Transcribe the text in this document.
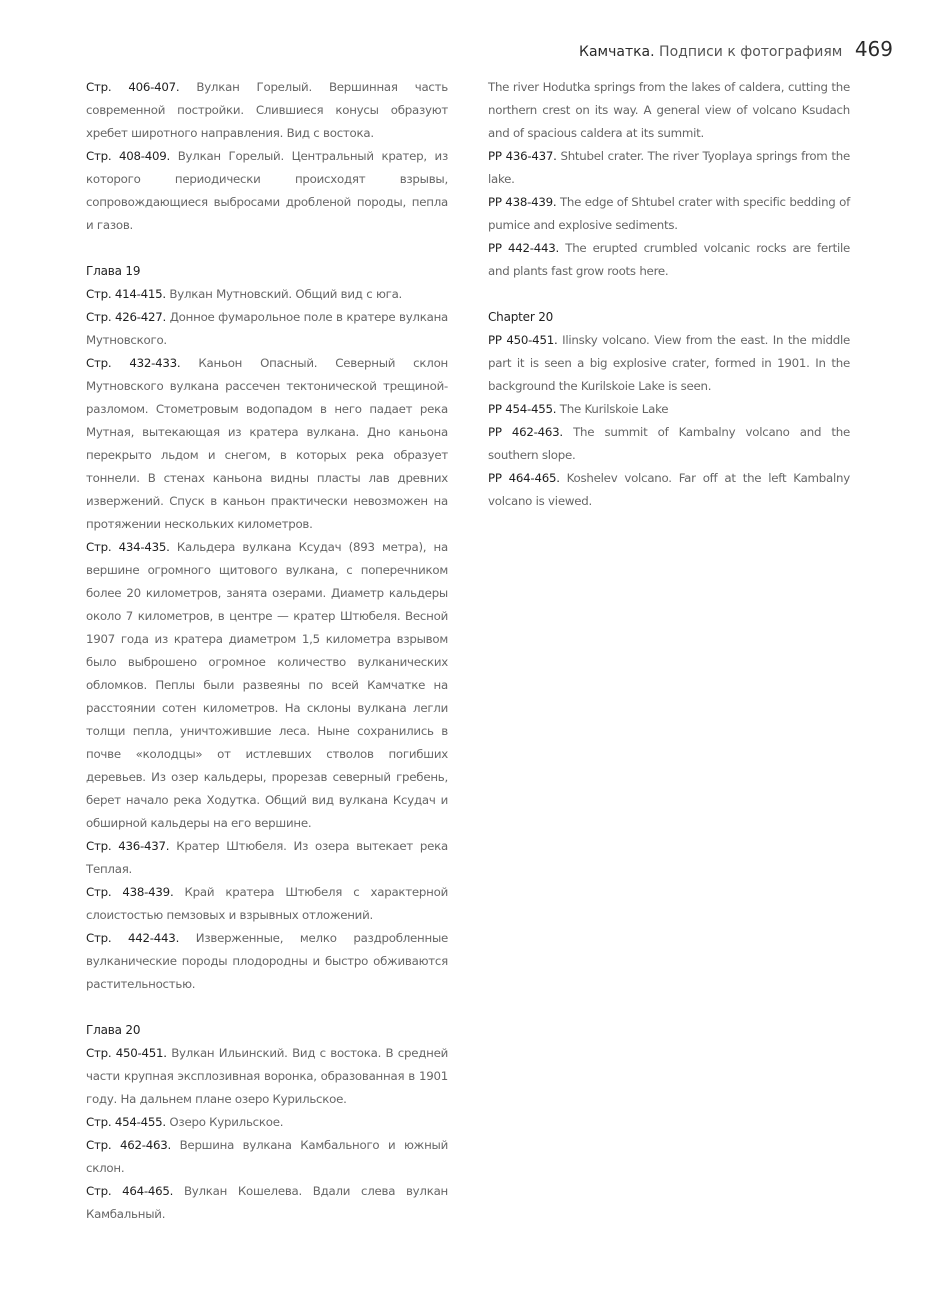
Камчатка. Подписи к фотографиям 469

Стр. 406-407. Вулкан Горелый. Вершинная часть современной постройки. Слившиеся конусы образуют хребет широтного направления. Вид с востока.

Стр. 408-409. Вулкан Горелый. Центральный кратер, из которого периодически происходят взрывы, сопровождающиеся выбросами дробленой породы, пепла и газов.

Глава 19

Стр. 414-415. Вулкан Мутновский. Общий вид с юга.

Стр. 426-427. Донное фумарольное поле в кратере вулкана Мутновского.

Стр. 432-433. Каньон Опасный. Северный склон Мутновского вулкана рассечен тектонической трещиной-разломом. Стометровым водопадом в него падает река Мутная, вытекающая из кратера вулкана. Дно каньона перекрыто льдом и снегом, в которых река образует тоннели. В стенах каньона видны пласты лав древних извержений. Спуск в каньон практически невозможен на протяжении нескольких километров.

Стр. 434-435. Кальдера вулкана Ксудач (893 метра), на вершине огромного щитового вулкана, с поперечником более 20 километров, занята озерами. Диаметр кальдеры около 7 километров, в центре — кратер Штюбеля. Весной 1907 года из кратера диаметром 1,5 километра взрывом было выброшено огромное количество вулканических обломков. Пеплы были развеяны по всей Камчатке на расстоянии сотен километров. На склоны вулкана легли толщи пепла, уничтожившие леса. Ныне сохранились в почве «колодцы» от истлевших стволов погибших деревьев. Из озер кальдеры, прорезав северный гребень, берет начало река Ходутка. Общий вид вулкана Ксудач и обширной кальдеры на его вершине.

Стр. 436-437. Кратер Штюбеля. Из озера вытекает река Теплая.

Стр. 438-439. Край кратера Штюбеля с характерной слоистостью пемзовых и взрывных отложений.

Стр. 442-443. Изверженные, мелко раздробленные вулканические породы плодородны и быстро обживаются растительностью.

Глава 20

Стр. 450-451. Вулкан Ильинский. Вид с востока. В средней части крупная эксплозивная воронка, образованная в 1901 году. На дальнем плане озеро Курильское.

Стр. 454-455. Озеро Курильское.

Стр. 462-463. Вершина вулкана Камбального и южный склон.

Стр. 464-465. Вулкан Кошелева. Вдали слева вулкан Камбальный.

The river Hodutka springs from the lakes of caldera, cutting the northern crest on its way. A general view of volcano Ksudach and of spacious caldera at its summit.

PP 436-437. Shtubel crater. The river Tyoplaya springs from the lake.

PP 438-439. The edge of Shtubel crater with specific bedding of pumice and explosive sediments.

PP 442-443. The erupted crumbled volcanic rocks are fertile and plants fast grow roots here.

Chapter 20

PP 450-451. Ilinsky volcano. View from the east. In the middle part it is seen a big explosive crater, formed in 1901. In the background the Kurilskoie Lake is seen.

PP 454-455. The Kurilskoie Lake

PP 462-463. The summit of Kambalny volcano and the southern slope.

PP 464-465. Koshelev volcano. Far off at the left Kambalny volcano is viewed.
